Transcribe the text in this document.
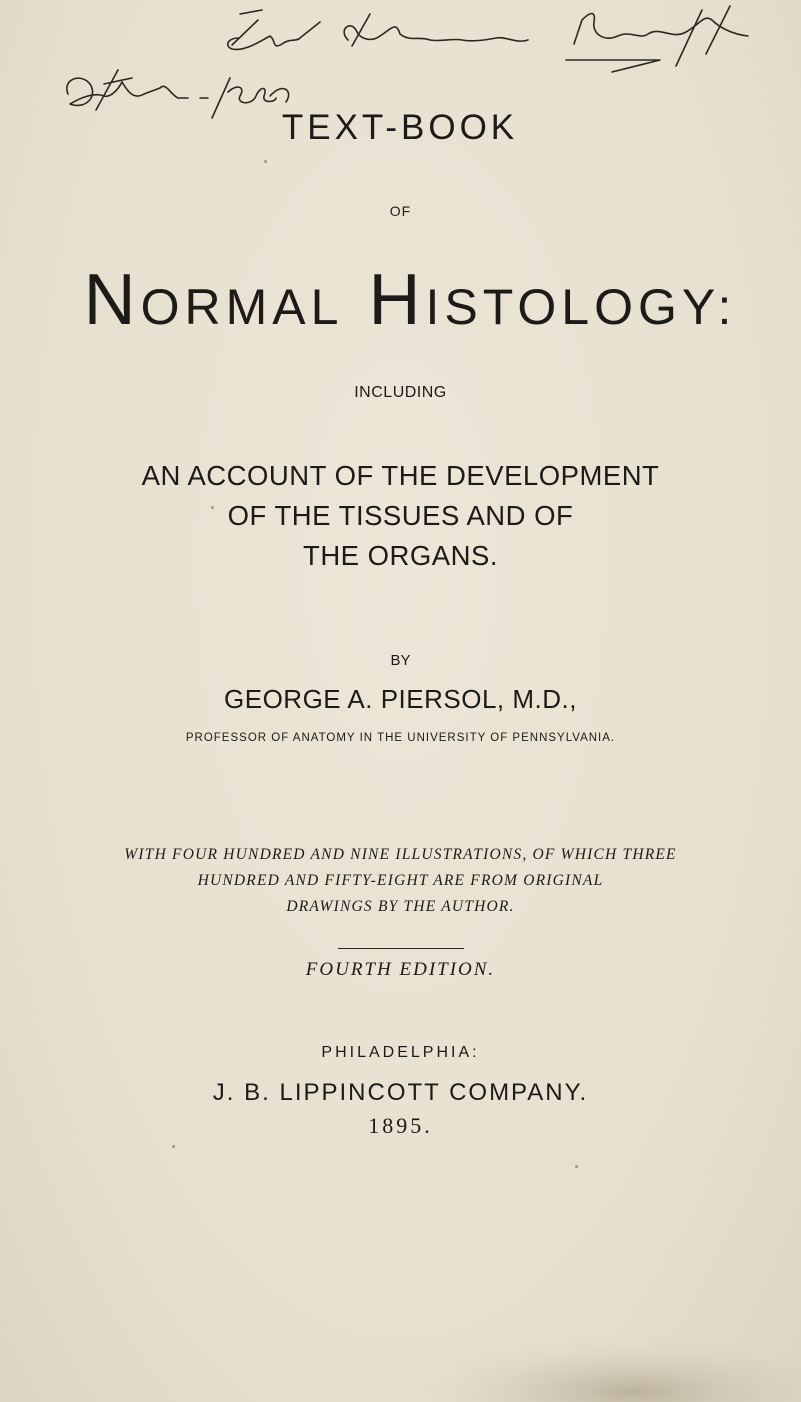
TEXT-BOOK
OF
NORMAL HISTOLOGY:
INCLUDING
AN ACCOUNT OF THE DEVELOPMENT
OF THE TISSUES AND OF
THE ORGANS.
BY
GEORGE A. PIERSOL, M.D.,
PROFESSOR OF ANATOMY IN THE UNIVERSITY OF PENNSYLVANIA.
WITH FOUR HUNDRED AND NINE ILLUSTRATIONS, OF WHICH THREE
HUNDRED AND FIFTY-EIGHT ARE FROM ORIGINAL
DRAWINGS BY THE AUTHOR.
FOURTH EDITION.
PHILADELPHIA:
J. B. LIPPINCOTT COMPANY.
1895.
